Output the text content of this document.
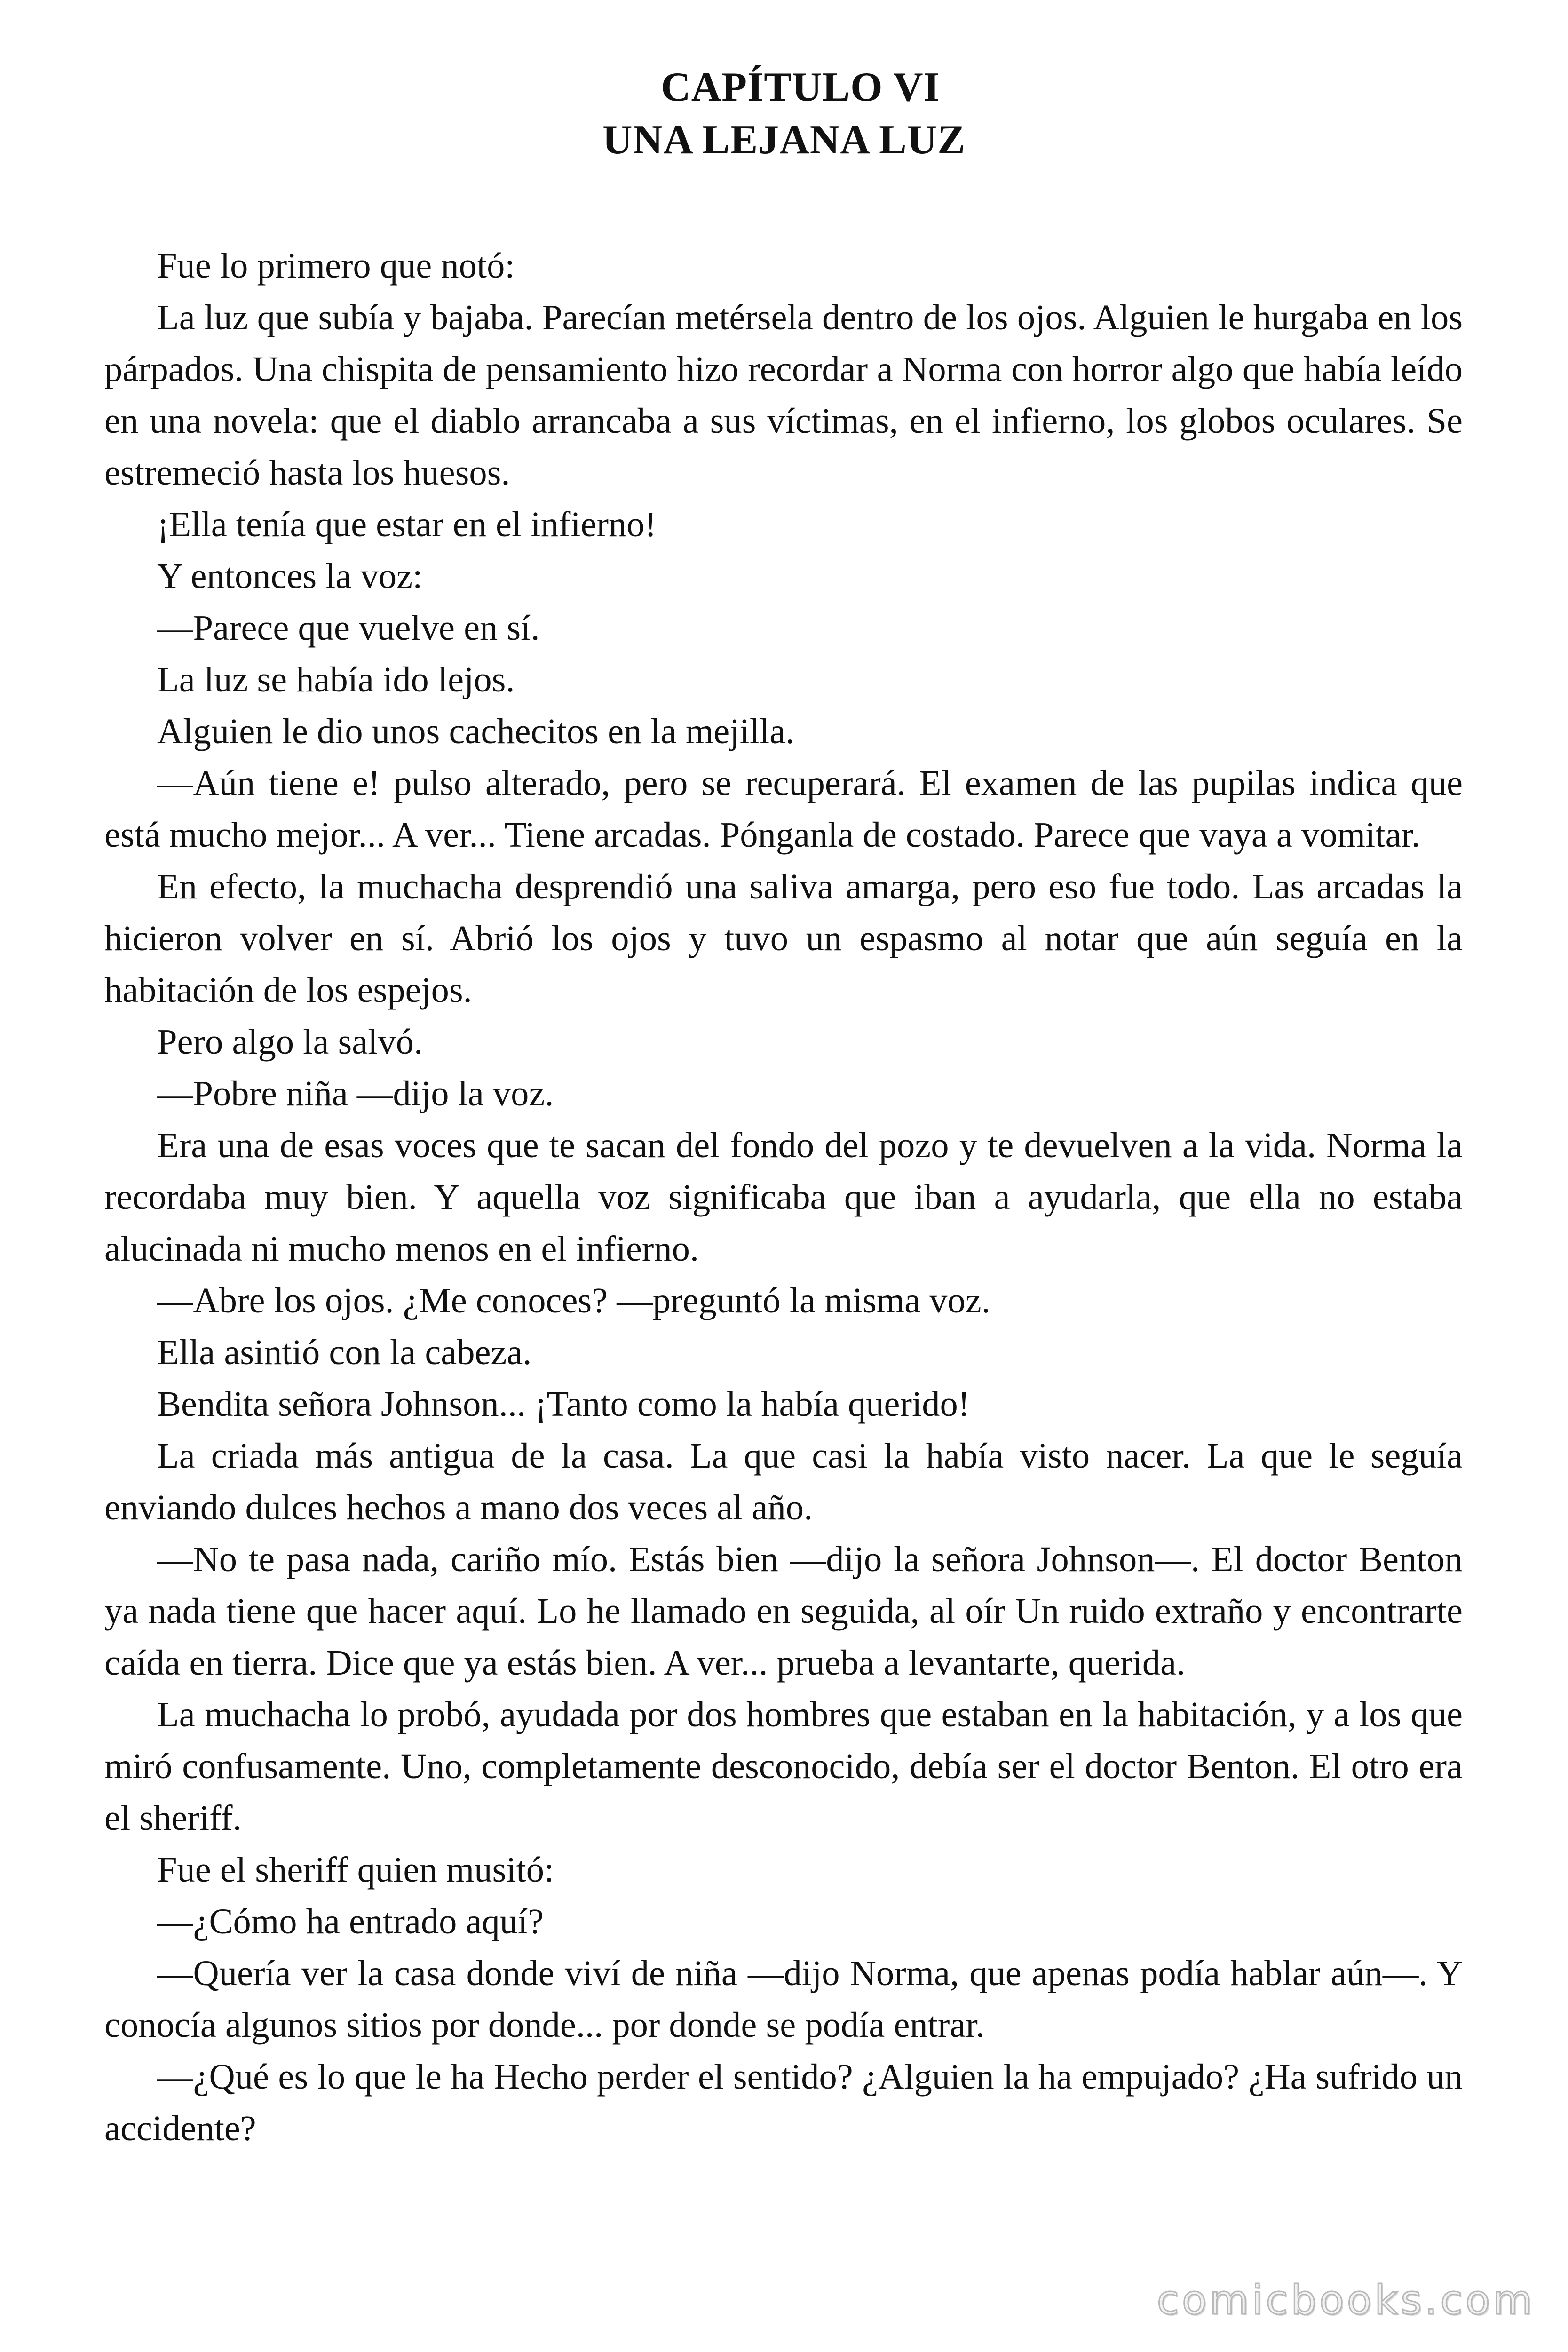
CAPÍTULO VI
UNA LEJANA LUZ

Fue lo primero que notó:

La luz que subía y bajaba. Parecían metérsela dentro de los ojos. Alguien le hurgaba en los párpados. Una chispita de pensamiento hizo recordar a Norma con horror algo que había leído en una novela: que el diablo arrancaba a sus víctimas, en el infierno, los globos oculares. Se estremeció hasta los huesos.

¡Ella tenía que estar en el infierno!

Y entonces la voz:

—Parece que vuelve en sí.

La luz se había ido lejos.

Alguien le dio unos cachecitos en la mejilla.

—Aún tiene e! pulso alterado, pero se recuperará. El examen de las pupilas indica que está mucho mejor... A ver... Tiene arcadas. Pónganla de costado. Parece que vaya a vomitar.

En efecto, la muchacha desprendió una saliva amarga, pero eso fue todo. Las arcadas la hicieron volver en sí. Abrió los ojos y tuvo un espasmo al notar que aún seguía en la habitación de los espejos.

Pero algo la salvó.

—Pobre niña —dijo la voz.

Era una de esas voces que te sacan del fondo del pozo y te devuelven a la vida. Norma la recordaba muy bien. Y aquella voz significaba que iban a ayudarla, que ella no estaba alucinada ni mucho menos en el infierno.

—Abre los ojos. ¿Me conoces? —preguntó la misma voz.

Ella asintió con la cabeza.

Bendita señora Johnson... ¡Tanto como la había querido!

La criada más antigua de la casa. La que casi la había visto nacer. La que le seguía enviando dulces hechos a mano dos veces al año.

—No te pasa nada, cariño mío. Estás bien —dijo la señora Johnson—. El doctor Benton ya nada tiene que hacer aquí. Lo he llamado en seguida, al oír Un ruido extraño y encontrarte caída en tierra. Dice que ya estás bien. A ver... prueba a levantarte, querida.

La muchacha lo probó, ayudada por dos hombres que estaban en la habitación, y a los que miró confusamente. Uno, completamente desconocido, debía ser el doctor Benton. El otro era el sheriff.

Fue el sheriff quien musitó:

—¿Cómo ha entrado aquí?

—Quería ver la casa donde viví de niña —dijo Norma, que apenas podía hablar aún—. Y conocía algunos sitios por donde... por donde se podía entrar.

—¿Qué es lo que le ha Hecho perder el sentido? ¿Alguien la ha empujado? ¿Ha sufrido un accidente?

comicbooks.com
